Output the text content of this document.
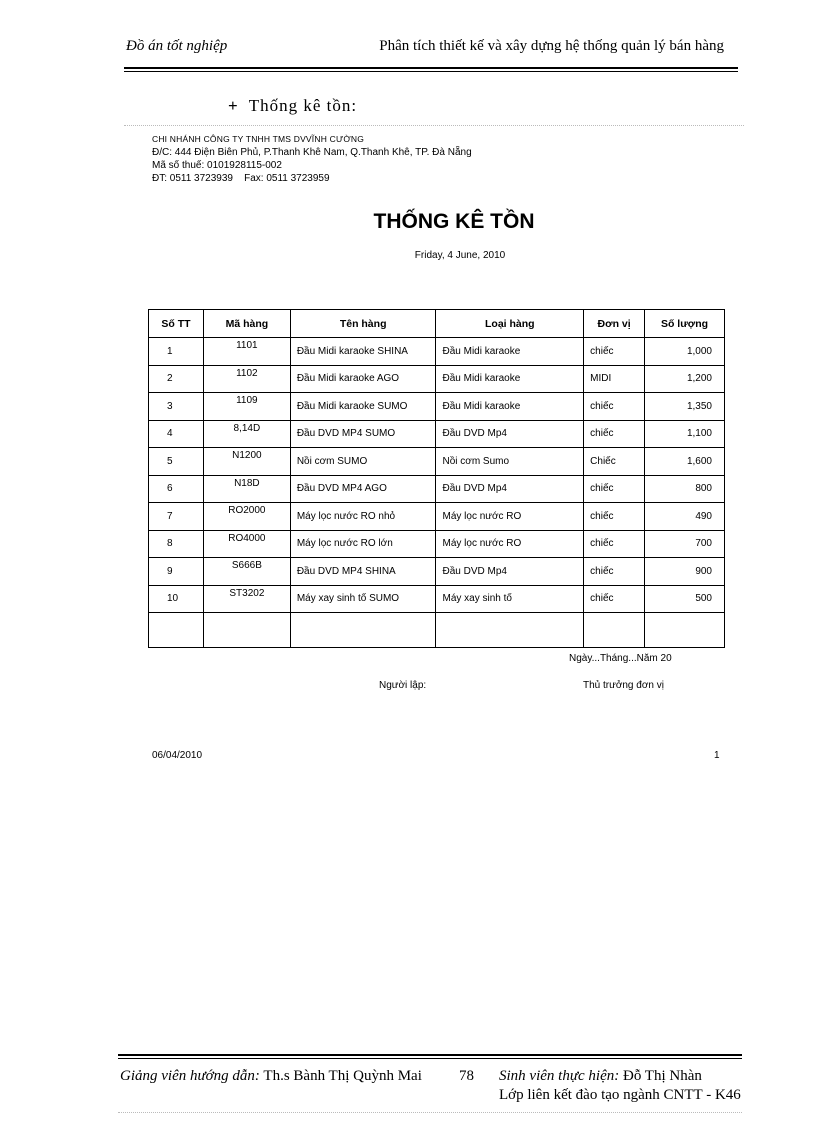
Đồ án tốt nghiệp	Phân tích thiết kế và xây dựng hệ thống quản lý bán hàng
+ Thống kê tồn:
CHI NHÁNH CÔNG TY TNHH TMS DVVĨNH CƯỜNG
Đ/C: 444 Điện Biên Phủ, P.Thanh Khê Nam, Q.Thanh Khê, TP. Đà Nẵng
Mã số thuế: 0101928115-002
ĐT: 0511 3723939    Fax: 0511 3723959
THỐNG KÊ TỒN
Friday, 4 June, 2010
Số TT	Mã hàng	Tên hàng	Loại hàng	Đơn vị	Số lượng
1	1101	Đầu Midi karaoke SHINA	Đầu Midi karaoke	chiếc	1,000
2	1102	Đầu Midi karaoke AGO	Đầu Midi karaoke	MIDI	1,200
3	1109	Đầu Midi karaoke SUMO	Đầu Midi karaoke	chiếc	1,350
4	8,14D	Đầu DVD MP4 SUMO	Đầu DVD Mp4	chiếc	1,100
5	N1200	Nồi cơm SUMO	Nồi cơm Sumo	Chiếc	1,600
6	N18D	Đầu DVD MP4 AGO	Đầu DVD Mp4	chiếc	800
7	RO2000	Máy lọc nước RO nhỏ	Máy lọc nước RO	chiếc	490
8	RO4000	Máy lọc nước RO lớn	Máy lọc nước RO	chiếc	700
9	S666B	Đầu DVD MP4 SHINA	Đầu DVD Mp4	chiếc	900
10	ST3202	Máy xay sinh tố SUMO	Máy xay sinh tố	chiếc	500

Ngày...Tháng...Năm 20
Người lập:	Thủ trưởng đơn vị
06/04/2010	1
Giảng viên hướng dẫn: Th.s Bành Thị Quỳnh Mai 78 Sinh viên thực hiện: Đỗ Thị Nhàn
Lớp liên kết đào tạo ngành CNTT - K46
